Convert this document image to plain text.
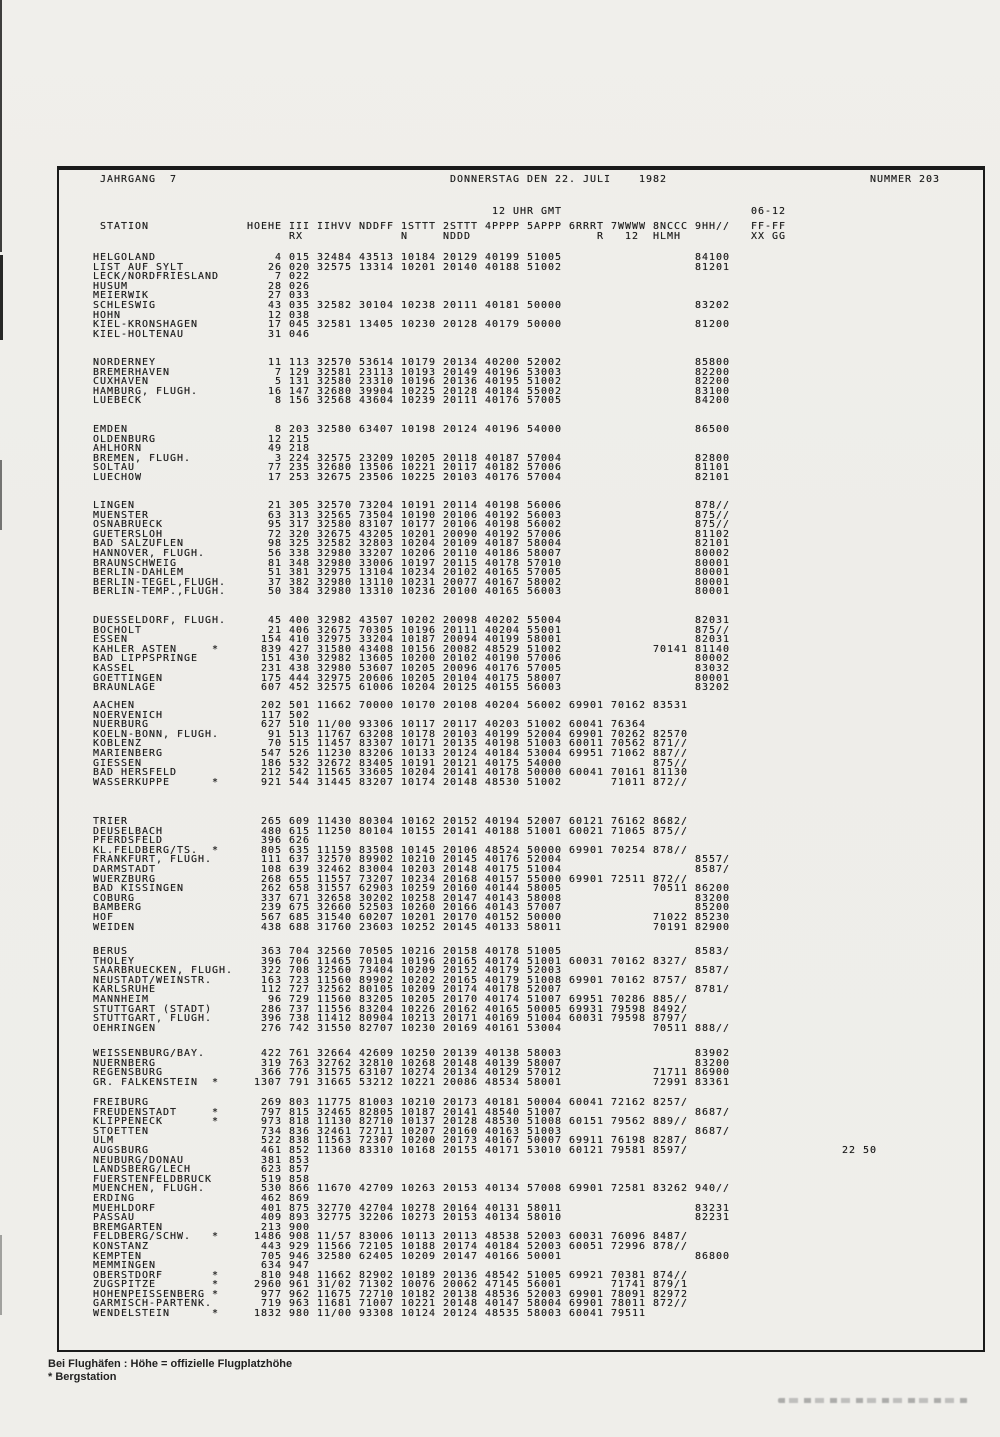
JAHRGANG  7                                       DONNERSTAG DEN 22. JULI    1982                             NUMMER 203
12 UHR GMT                           06-12
STATION              HOEHE III IIHVV NDDFF 1STTT 2STTT 4PPPP 5APPP 6RRRT 7WWWW 8NCCC 9HH//   FF-FF
RX              N     NDDD                  R   12  HLMH          XX GG
HELGOLAND                 4 015 32484 43513 10184 20129 40199 51005                   84100
LIST AUF SYLT            26 020 32575 13314 10201 20140 40188 51002                   81201
LECK/NORDFRIESLAND        7 022
HUSUM                    28 026
MEIERWIK                 27 033
SCHLESWIG                43 035 32582 30104 10238 20111 40181 50000                   83202
HOHN                     12 038
KIEL-KRONSHAGEN          17 045 32581 13405 10230 20128 40179 50000                   81200
KIEL-HOLTENAU            31 046
NORDERNEY                11 113 32570 53614 10179 20134 40200 52002                   85800
BREMERHAVEN               7 129 32581 23113 10193 20149 40196 53003                   82200
CUXHAVEN                  5 131 32580 23310 10196 20136 40195 51002                   82200
HAMBURG, FLUGH.          16 147 32680 39904 10225 20128 40184 55002                   83100
LUEBECK                   8 156 32568 43604 10239 20111 40176 57005                   84200
EMDEN                     8 203 32580 63407 10198 20124 40196 54000                   86500
OLDENBURG                12 215
AHLHORN                  49 218
BREMEN, FLUGH.            3 224 32575 23209 10205 20118 40187 57004                   82800
SOLTAU                   77 235 32680 13506 10221 20117 40182 57006                   81101
LUECHOW                  17 253 32675 23506 10225 20103 40176 57004                   82101
LINGEN                   21 305 32570 73204 10191 20114 40198 56006                   878//
MUENSTER                 63 313 32565 73504 10190 20106 40192 56003                   875//
OSNABRUECK               95 317 32580 83107 10177 20106 40198 56002                   875//
GUETERSLOH               72 320 32675 43205 10201 20090 40192 57006                   81102
BAD SALZUFLEN            98 325 32582 32803 10204 20109 40187 58004                   82101
HANNOVER, FLUGH.         56 338 32980 33207 10206 20110 40186 58007                   80002
BRAUNSCHWEIG             81 348 32980 33006 10197 20115 40178 57010                   80001
BERLIN-DAHLEM            51 381 32975 13104 10234 20102 40165 57005                   80001
BERLIN-TEGEL,FLUGH.      37 382 32980 13110 10231 20077 40167 58002                   80001
BERLIN-TEMP.,FLUGH.      50 384 32980 13310 10236 20100 40165 56003                   80001
DUESSELDORF, FLUGH.      45 400 32982 43507 10202 20098 40202 55004                   82031
BOCHOLT                  21 406 32675 70305 10196 20111 40204 55001                   875//
ESSEN                   154 410 32975 33204 10187 20094 40199 58001                   82031
KAHLER ASTEN     *      839 427 31580 43408 10156 20082 48529 51002             70141 81140
BAD LIPPSPRINGE         151 430 32982 13605 10200 20102 40190 57006                   80002
KASSEL                  231 438 32980 53607 10205 20096 40176 57005                   83032
GOETTINGEN              175 444 32975 20606 10205 20104 40175 58007                   80001
BRAUNLAGE               607 452 32575 61006 10204 20125 40155 56003                   83202
AACHEN                  202 501 11662 70000 10170 20108 40204 56002 69901 70162 83531
NOERVENICH              117 502
NUERBURG                627 510 11/00 93306 10117 20117 40203 51002 60041 76364
KOELN-BONN, FLUGH.       91 513 11767 63208 10178 20103 40199 52004 69901 70262 82570
KOBLENZ                  70 515 11457 83307 10171 20135 40198 51003 60011 70562 871//
MARIENBERG              547 526 11230 83206 10133 20124 40184 53004 69951 71062 887//
GIESSEN                 186 532 32672 83405 10191 20121 40175 54000             875//
BAD HERSFELD            212 542 11565 33605 10204 20141 40178 50000 60041 70161 81130
WASSERKUPPE      *      921 544 31445 83207 10174 20148 48530 51002       71011 872//
TRIER                   265 609 11430 80304 10162 20152 40194 52007 60121 76162 8682/
DEUSELBACH              480 615 11250 80104 10155 20141 40188 51001 60021 71065 875//
PFERDSFELD              396 626
KL.FELDBERG/TS.  *      805 635 11159 83508 10145 20106 48524 50000 69901 70254 878//
FRANKFURT, FLUGH.       111 637 32570 89902 10210 20145 40176 52004                   8557/
DARMSTADT               108 639 32462 83004 10203 20148 40175 51004                   8587/
WUERZBURG               268 655 11557 73207 10234 20168 40157 55000 69901 72511 872//
BAD KISSINGEN           262 658 31557 62903 10259 20160 40144 58005             70511 86200
COBURG                  337 671 32658 30202 10258 20147 40143 58008                   83200
BAMBERG                 239 675 32660 52503 10260 20166 40143 57007                   85200
HOF                     567 685 31540 60207 10201 20170 40152 50000             71022 85230
WEIDEN                  438 688 31760 23603 10252 20145 40133 58011             70191 82900
BERUS                   363 704 32560 70505 10216 20158 40178 51005                   8583/
THOLEY                  396 706 11465 70104 10196 20165 40174 51001 60031 70162 8327/
SAARBRUECKEN, FLUGH.    322 708 32560 73404 10209 20152 40179 52003                   8587/
NEUSTADT/WEINSTR.       163 723 11560 89902 10202 20165 40179 51008 69901 70162 8757/
KARLSRUHE               112 727 32562 80105 10209 20174 40178 52007                   8781/
MANNHEIM                 96 729 11560 83205 10205 20170 40174 51007 69951 70286 885//
STUTTGART (STADT)       286 737 11556 83204 10226 20162 40165 50005 69931 79598 8492/
STUTTGART, FLUGH.       396 738 11412 80904 10213 20171 40169 51004 60031 79598 8797/
OEHRINGEN               276 742 31550 82707 10230 20169 40161 53004             70511 888//
WEISSENBURG/BAY.        422 761 32664 42609 10250 20139 40138 58003                   83902
NUERNBERG               319 763 32762 32810 10268 20148 40139 58007                   83200
REGENSBURG              366 776 31575 63107 10274 20134 40129 57012             71711 86900
GR. FALKENSTEIN  *     1307 791 31665 53212 10221 20086 48534 58001             72991 83361
FREIBURG                269 803 11775 81003 10210 20173 40181 50004 60041 72162 8257/
FREUDENSTADT     *      797 815 32465 82805 10187 20141 48540 51007                   8687/
KLIPPENECK       *      973 818 11130 82710 10137 20128 48530 51008 60151 79562 889//
STOETTEN                734 836 32461 72711 10207 20160 40163 51003                   8687/
ULM                     522 838 11563 72307 10200 20173 40167 50007 69911 76198 8287/
AUGSBURG                461 852 11360 83310 10168 20155 40171 53010 60121 79581 8597/                      22 50
NEUBURG/DONAU           381 853
LANDSBERG/LECH          623 857
FUERSTENFELDBRUCK       519 858
MUENCHEN, FLUGH.        530 866 11670 42709 10263 20153 40134 57008 69901 72581 83262 940//
ERDING                  462 869
MUEHLDORF               401 875 32770 42704 10278 20164 40131 58011                   83231
PASSAU                  409 893 32775 32206 10273 20153 40134 58010                   82231
BREMGARTEN              213 900
FELDBERG/SCHW.   *     1486 908 11/57 83006 10113 20113 48538 52003 60031 76096 8487/
KONSTANZ                443 929 11566 72105 10188 20174 40184 52003 60051 72996 878//
KEMPTEN                 705 946 32580 62405 10209 20147 40166 50001                   86800
MEMMINGEN               634 947
OBERSTDORF       *      810 948 11662 82902 10189 20136 48542 51005 69921 70381 874//
ZUGSPITZE        *     2960 961 31/02 71302 10076 20062 47145 56001       71741 879/1
HOHENPEISSENBERG *      977 962 11675 72710 10182 20138 48536 52003 69901 78091 82972
GARMISCH-PARTENK.       719 963 11681 71007 10221 20148 40147 58004 69901 78011 872//
WENDELSTEIN      *     1832 980 11/00 93308 10124 20124 48535 58003 60041 79511
Bei Flughäfen : Höhe = offizielle Flugplatzhöhe
* Bergstation
